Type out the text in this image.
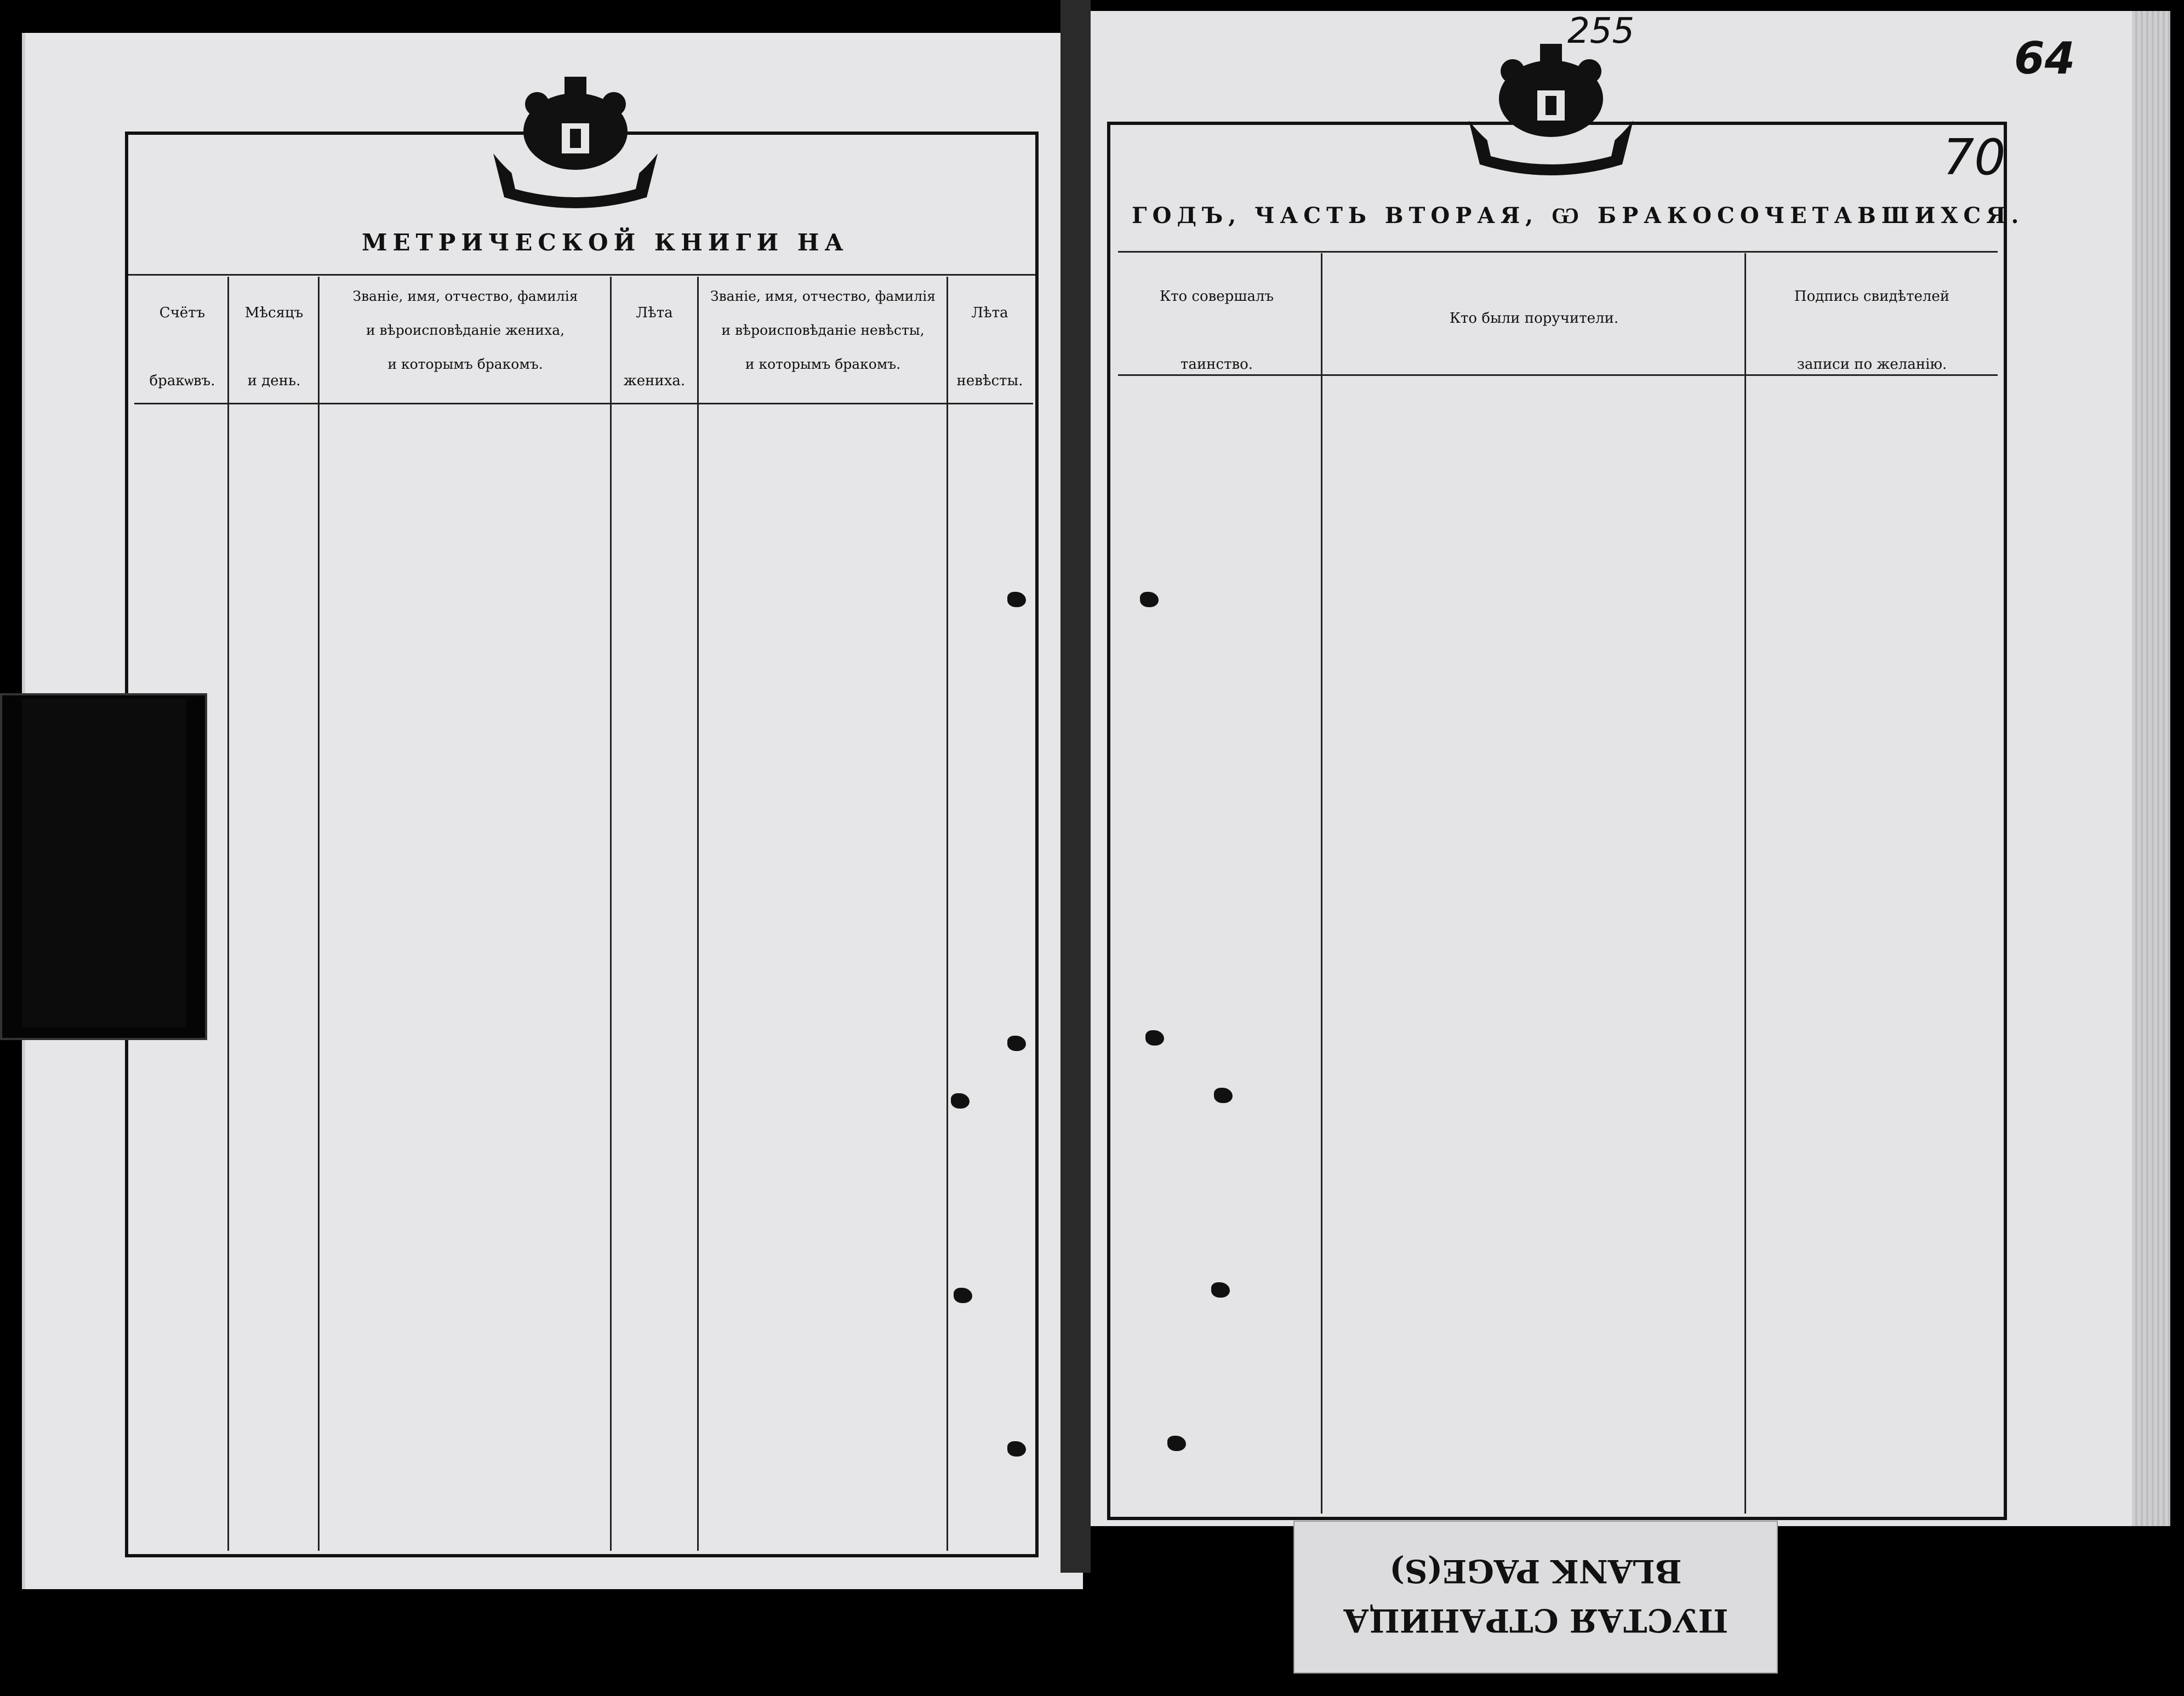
МЕТРИЧЕСКОЙ КНИГИ НА
Счётъ

бракѡвъ.
Мѣсяцъ

и день.
Званіе, имя, отчество, фамилія
и вѣроисповѣданіе жениха,
и которымъ бракомъ.
Лѣта

жениха.
Званіе, имя, отчество, фамилія
и вѣроисповѣданіе невѣсты,
и которымъ бракомъ.
Лѣта

невѣсты.
ГОДЪ, ЧАСТЬ ВТОРАЯ, Ѡ БРАКОСОЧЕТАВШИХСЯ.
Кто совершалъ

таинство.
Кто были поручители.
Подпись свидѣтелей

записи по желанію.
255
64
70
BLANK PAGE(S)
ПУСТАЯ СТРАНИЦА
